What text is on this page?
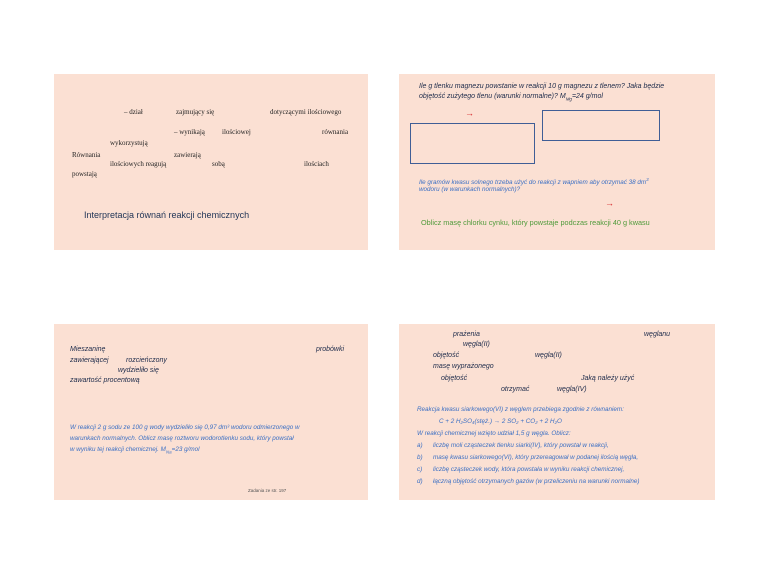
– dział	zajmujący się	dotyczącymi ilościowego
– wynikają ilościowej	równania
wykorzystują
Równania	zawierają
ilościowych reagują	sobą	ilościach
powstają
Interpretacja równań reakcji chemicznych
Ile g tlenku magnezu powstanie w reakcji 10 g magnezu z tlenem? Jaka będzie
objętość zużytego tlenu (warunki normalne)? $M_{Mg}=24$ g/mol
→
Ile gramów kwasu solnego trzeba użyć do reakcji z wapniem aby otrzymać 38 $dm^3$
wodoru (w warunkach normalnych)?
→
Oblicz masę chlorku cynku, który powstaje podczas reakcji 40 g kwasu
Mieszaninę	probówki
zawierającej rozcieńczony
wydzieliło się
zawartość procentową
W reakcji 2 g sodu ze 100 g wody wydzieliło się 0,97 dm³ wodoru odmierzonego w
warunkach normalnych. Oblicz masę roztworu wodorotlenku sodu, który powstał
w wyniku tej reakcji chemicznej. $M_{Na}=23$ g/mol
Zadania ze str. 197
prażenia	węglanu
węgla(II)
objętość	węgla(II)
masę wyprażonego
objętość	Jaką należy użyć
otrzymać	węgla(IV)
Reakcja kwasu siarkowego(VI) z węglem przebiega zgodnie z równaniem:
C + 2 H₂SO₄(stęż.) → 2 SO₂ + CO₂ + 2 H₂O
W reakcji chemicznej wzięto udział 1,5 g węgla. Oblicz:
a) liczbę moli cząsteczek tlenku siarki(IV), który powstał w reakcji,
b) masę kwasu siarkowego(VI), który przereagował w podanej ilością węgla,
c) liczbę cząsteczek wody, która powstała w wyniku reakcji chemicznej,
d) łączną objętość otrzymanych gazów (w przeliczeniu na warunki normalne)
